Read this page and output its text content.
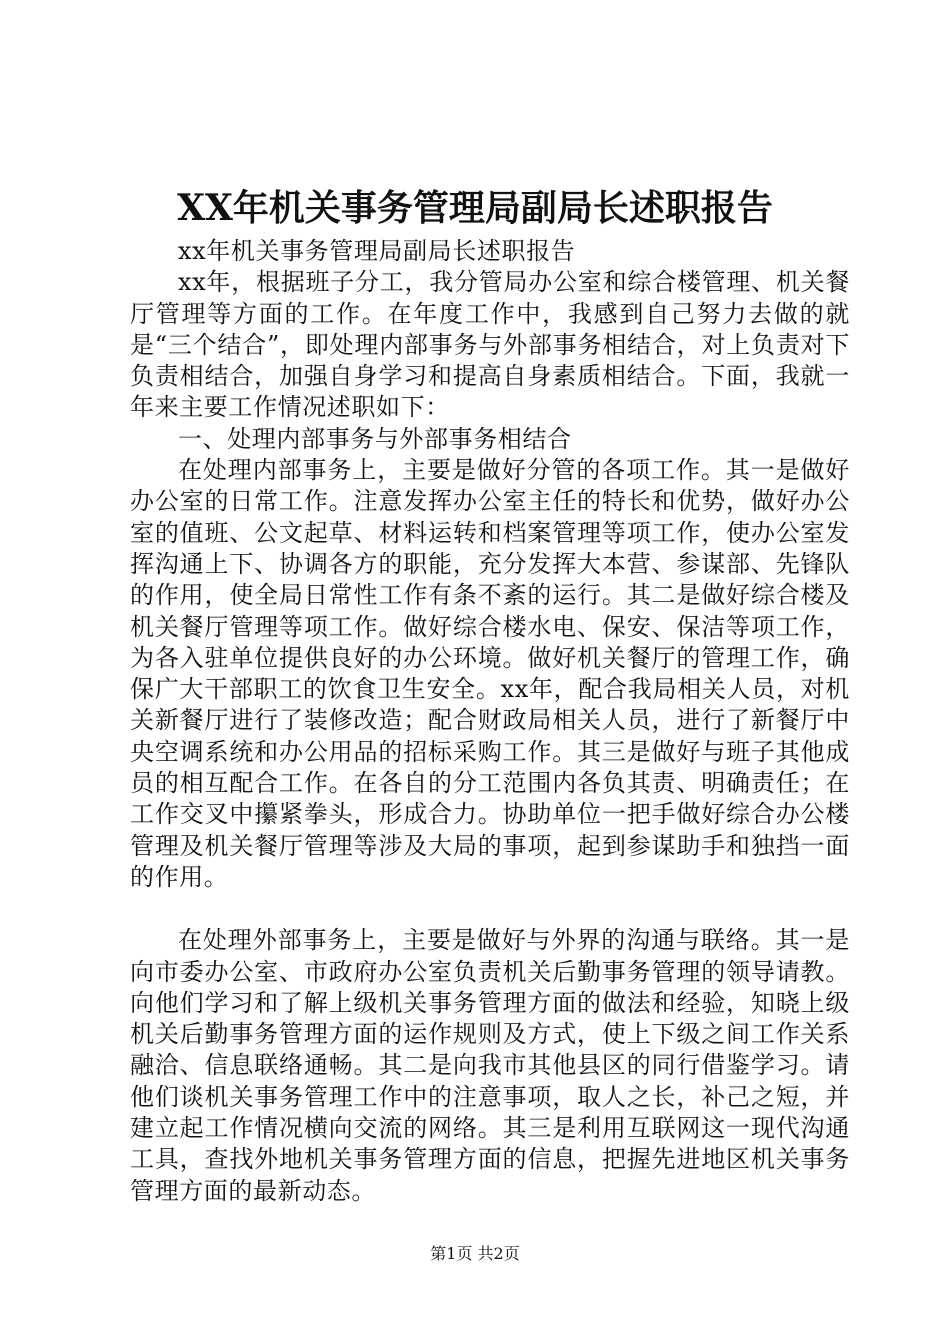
XX年机关事务管理局副局长述职报告

xx年机关事务管理局副局长述职报告

xx年，根据班子分工，我分管局办公室和综合楼管理、机关餐厅管理等方面的工作。在年度工作中，我感到自己努力去做的就是“三个结合”，即处理内部事务与外部事务相结合，对上负责对下负责相结合，加强自身学习和提高自身素质相结合。下面，我就一年来主要工作情况述职如下：

一、处理内部事务与外部事务相结合

在处理内部事务上，主要是做好分管的各项工作。其一是做好办公室的日常工作。注意发挥办公室主任的特长和优势，做好办公室的值班、公文起草、材料运转和档案管理等项工作，使办公室发挥沟通上下、协调各方的职能，充分发挥大本营、参谋部、先锋队的作用，使全局日常性工作有条不紊的运行。其二是做好综合楼及机关餐厅管理等项工作。做好综合楼水电、保安、保洁等项工作，为各入驻单位提供良好的办公环境。做好机关餐厅的管理工作，确保广大干部职工的饮食卫生安全。xx年，配合我局相关人员，对机关新餐厅进行了装修改造；配合财政局相关人员，进行了新餐厅中央空调系统和办公用品的招标采购工作。其三是做好与班子其他成员的相互配合工作。在各自的分工范围内各负其责、明确责任；在工作交叉中攥紧拳头，形成合力。协助单位一把手做好综合办公楼管理及机关餐厅管理等涉及大局的事项，起到参谋助手和独挡一面的作用。

在处理外部事务上，主要是做好与外界的沟通与联络。其一是向市委办公室、市政府办公室负责机关后勤事务管理的领导请教。向他们学习和了解上级机关事务管理方面的做法和经验，知晓上级机关后勤事务管理方面的运作规则及方式，使上下级之间工作关系融洽、信息联络通畅。其二是向我市其他县区的同行借鉴学习。请他们谈机关事务管理工作中的注意事项，取人之长，补己之短，并建立起工作情况横向交流的网络。其三是利用互联网这一现代沟通工具，查找外地机关事务管理方面的信息，把握先进地区机关事务管理方面的最新动态。

第1页 共2页
